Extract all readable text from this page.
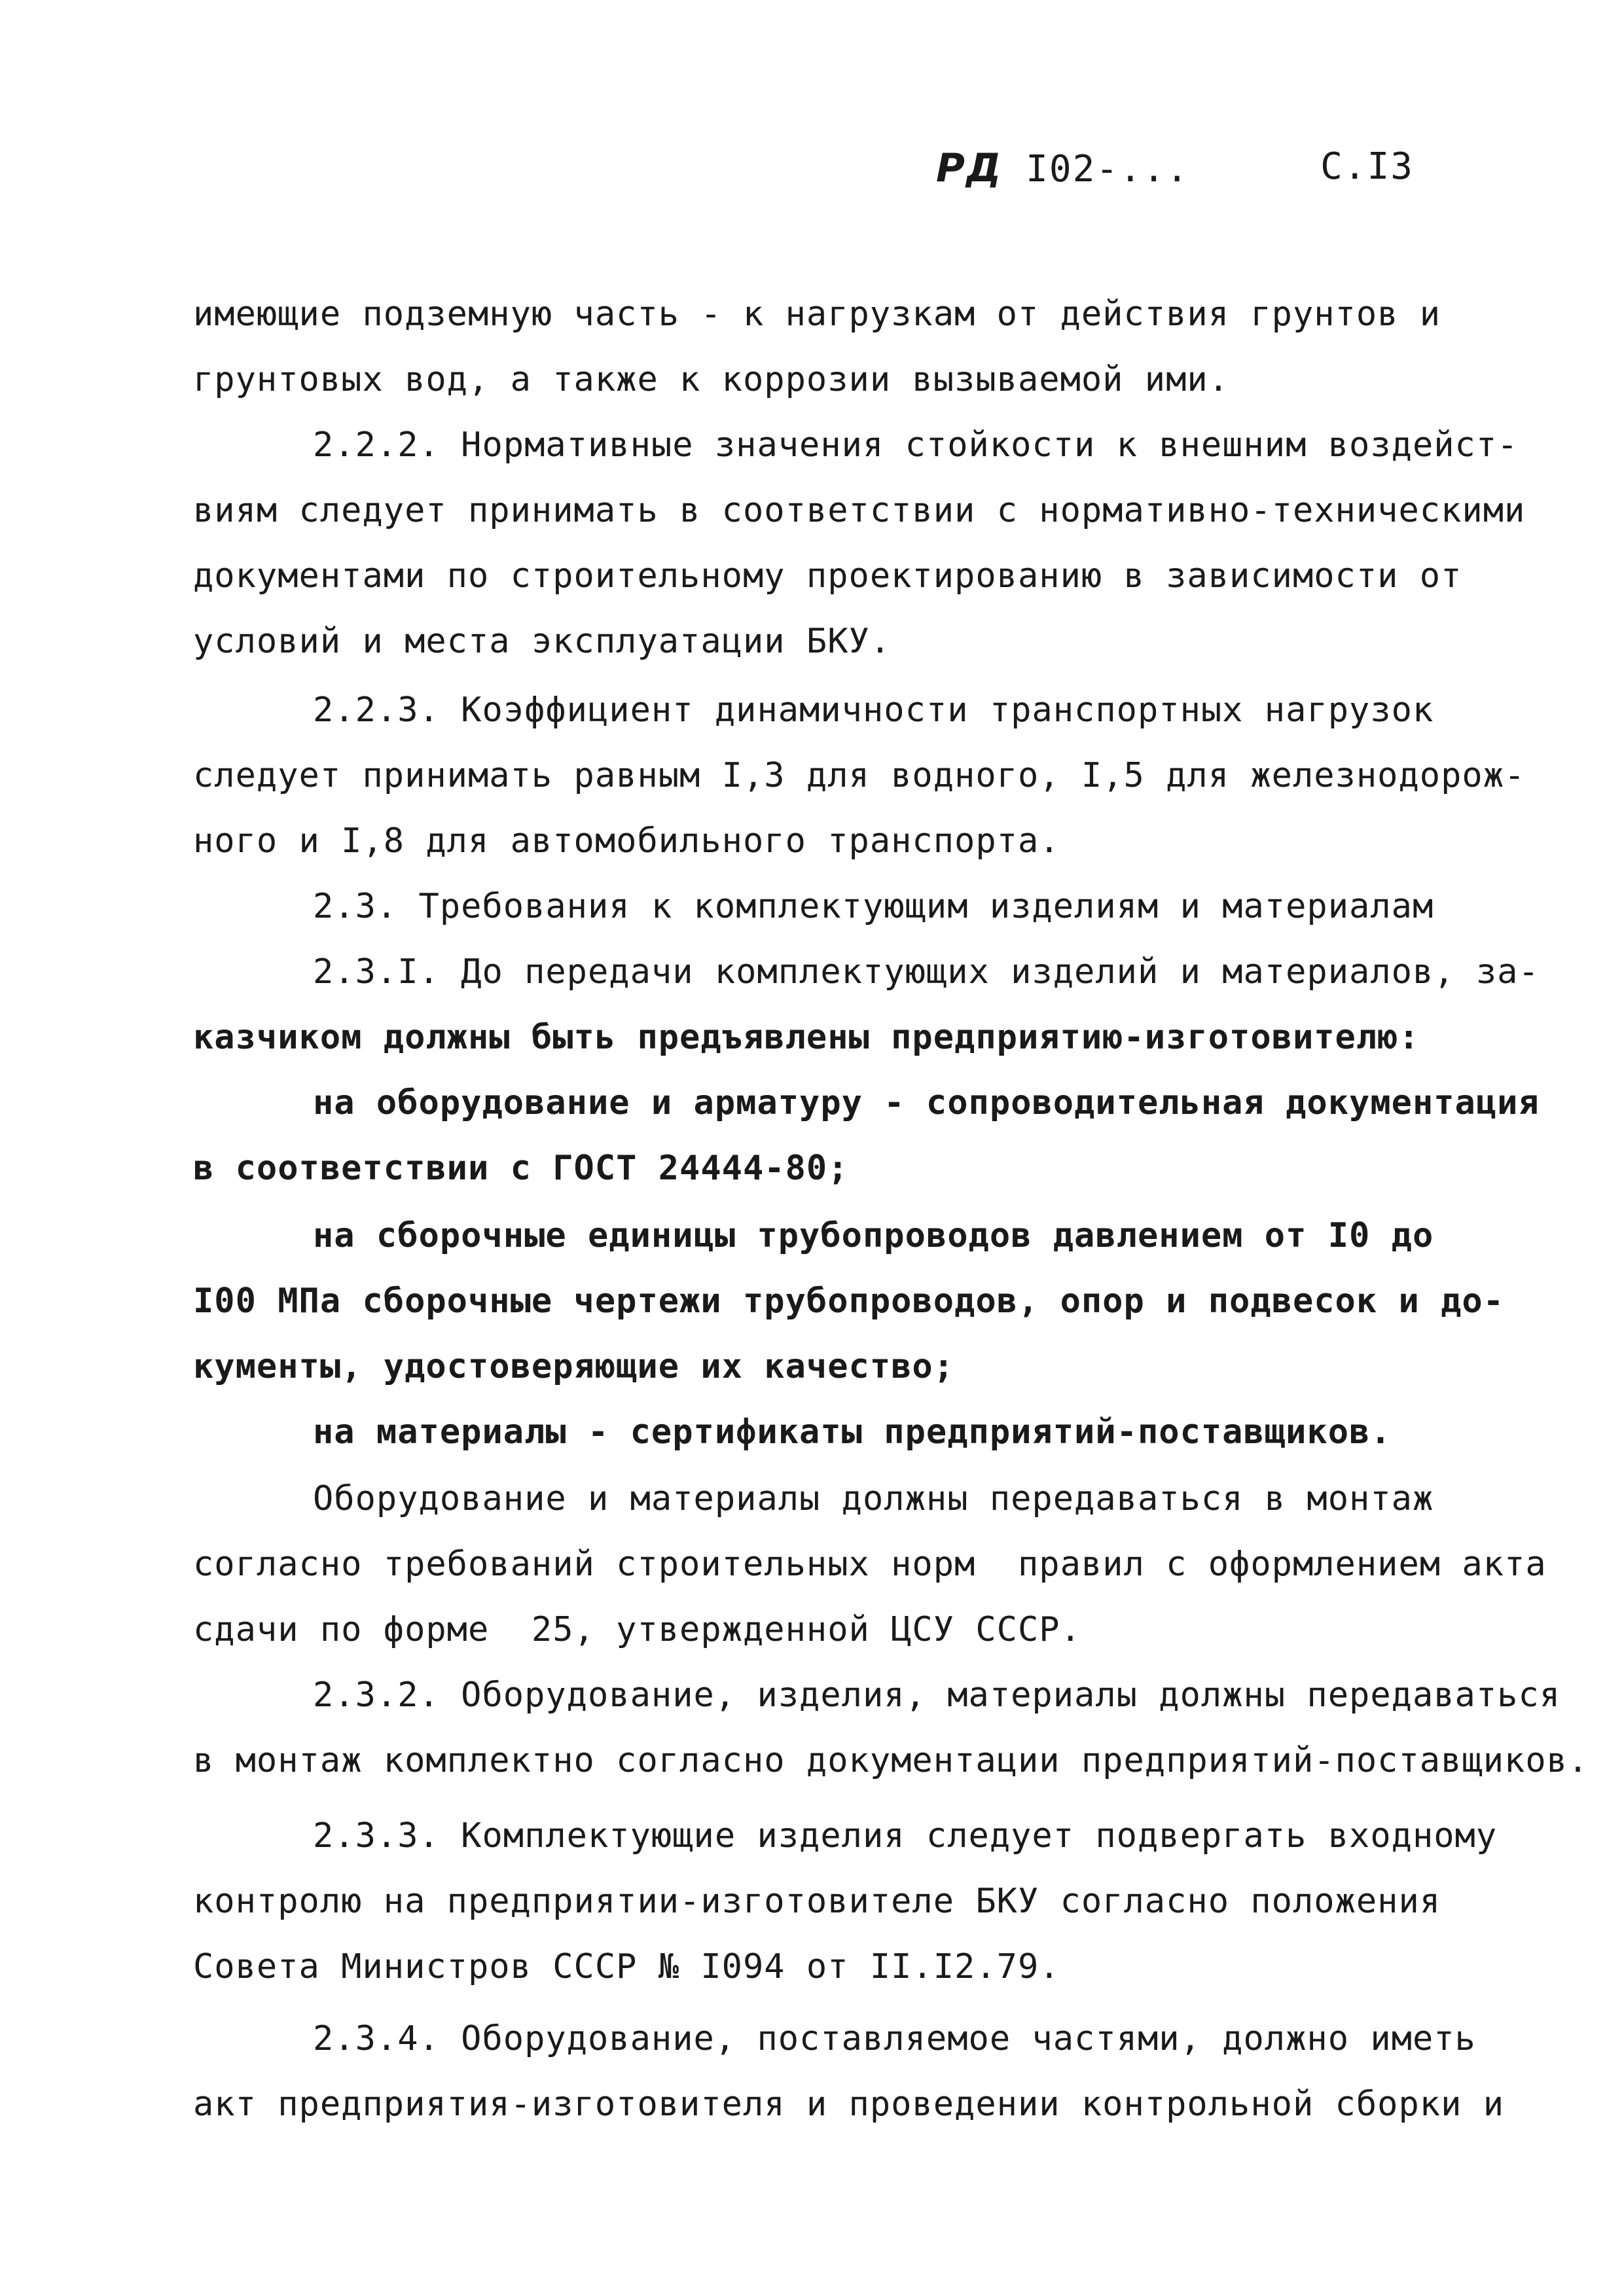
РД I02-...	С.I3
имеющие подземную часть - к нагрузкам от действия грунтов и
грунтовых вод, а также к коррозии вызываемой ими.
2.2.2. Нормативные значения стойкости к внешним воздейст-
виям следует принимать в соответствии с нормативно-техническими
документами по строительному проектированию в зависимости от
условий и места эксплуатации БКУ.
2.2.3. Коэффициент динамичности транспортных нагрузок
следует принимать равным I,3 для водного, I,5 для железнодорож-
ного и I,8 для автомобильного транспорта.
2.3. Требования к комплектующим изделиям и материалам
2.3.I. До передачи комплектующих изделий и материалов, за-
казчиком должны быть предъявлены предприятию-изготовителю:
на оборудование и арматуру - сопроводительная документация
в соответствии с ГОСТ 24444-80;
на сборочные единицы трубопроводов давлением от I0 до
I00 МПа сборочные чертежи трубопроводов, опор и подвесок и до-
кументы, удостоверяющие их качество;
на материалы - сертификаты предприятий-поставщиков.
Оборудование и материалы должны передаваться в монтаж
согласно требований строительных норм  правил с оформлением акта
сдачи по форме  25, утвержденной ЦСУ СССР.
2.3.2. Оборудование, изделия, материалы должны передаваться
в монтаж комплектно согласно документации предприятий-поставщиков.
2.3.3. Комплектующие изделия следует подвергать входному
контролю на предприятии-изготовителе БКУ согласно положения
Совета Министров СССР № I094 от II.I2.79.
2.3.4. Оборудование, поставляемое частями, должно иметь
акт предприятия-изготовителя и проведении контрольной сборки и
